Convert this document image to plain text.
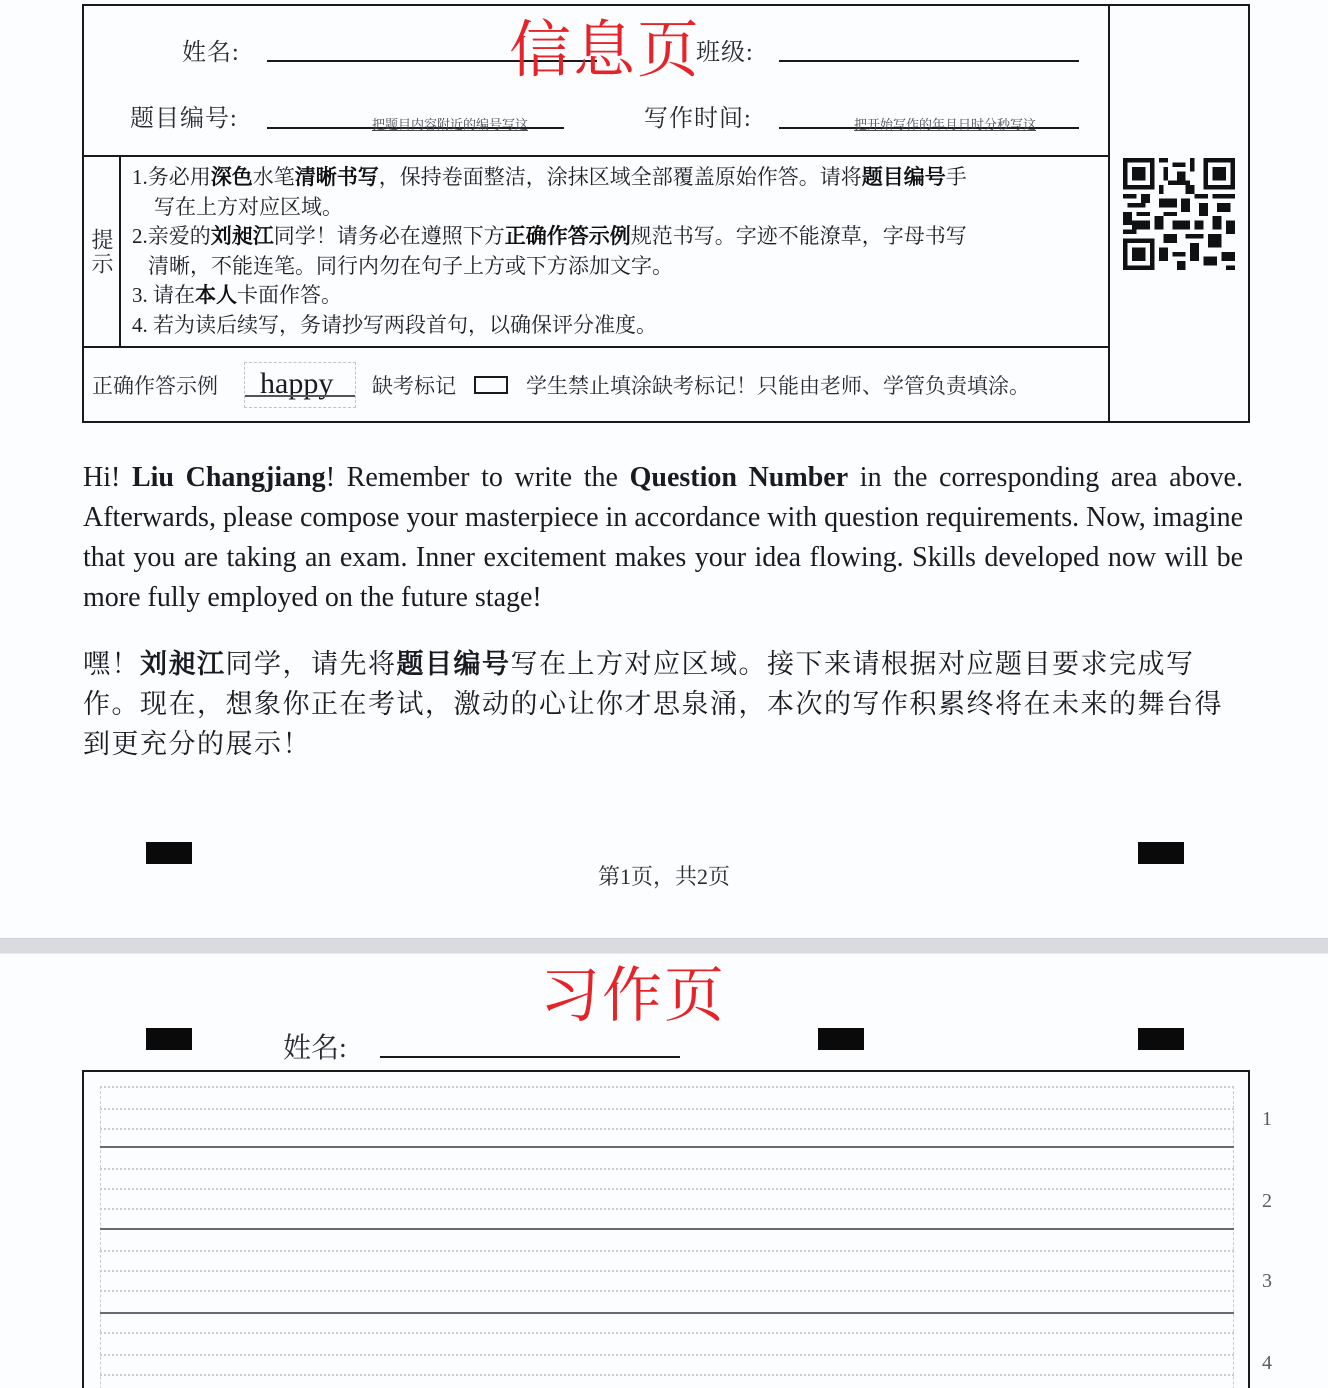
姓名:	班级:
题目编号:	把题目内容附近的编号写这	写作时间:	把开始写作的年月日时分秒写这
信息页
提示

1.务必用深色水笔清晰书写，保持卷面整洁，涂抹区域全部覆盖原始作答。请将题目编号手

写在上方对应区域。

2.亲爱的刘昶江同学！请务必在遵照下方正确作答示例规范书写。字迹不能潦草，字母书写

清晰，不能连笔。同行内勿在句子上方或下方添加文字。

3. 请在本人卡面作答。

4. 若为读后续写，务请抄写两段首句，以确保评分准度。

正确作答示例 happy 缺考标记	学生禁止填涂缺考标记！只能由老师、学管负责填涂。
Hi! Liu Changjiang! Remember to write the Question Number in the corresponding area above. Afterwards, please compose your masterpiece in accordance with question requirements. Now, imagine that you are taking an exam. Inner excitement makes your idea flowing. Skills developed now will be more fully employed on the future stage!
嘿！刘昶江同学，请先将题目编号写在上方对应区域。接下来请根据对应题目要求完成写作。现在，想象你正在考试，激动的心让你才思泉涌，本次的写作积累终将在未来的舞台得到更充分的展示！
第1页，共2页
习作页
姓名:
1
2
3
4
